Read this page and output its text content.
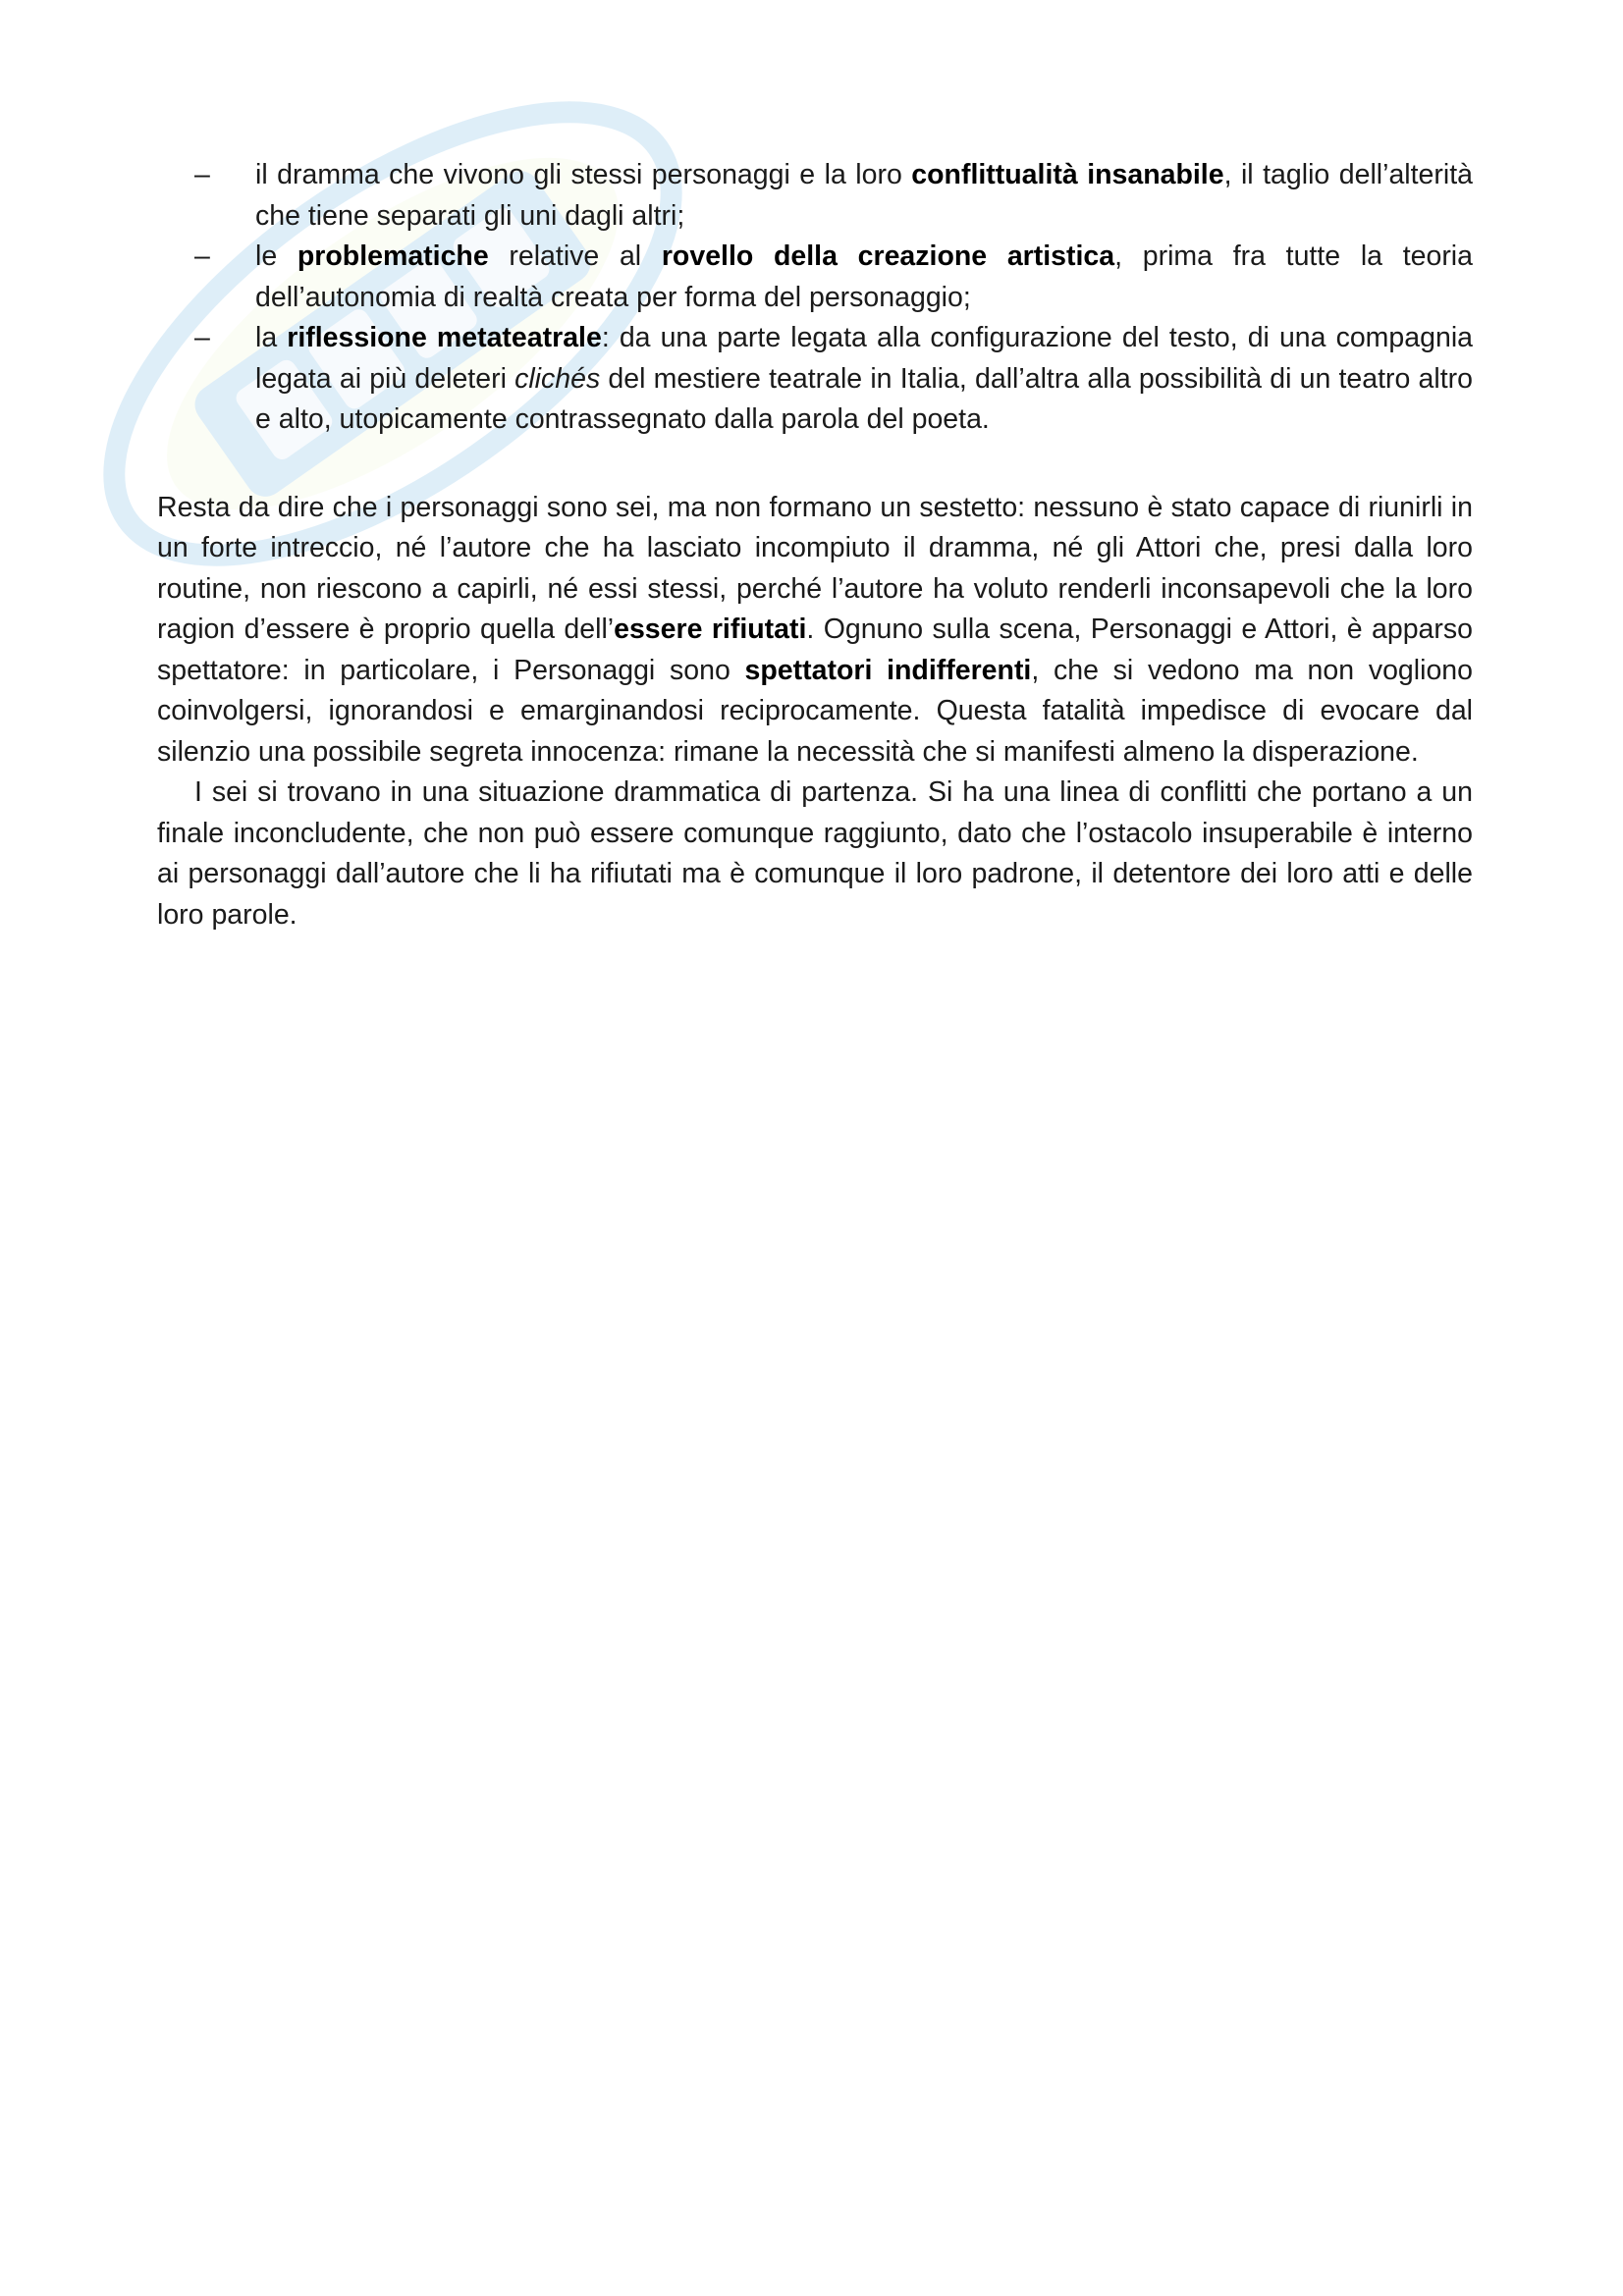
– il dramma che vivono gli stessi personaggi e la loro conflittualità insanabile, il taglio dell’alterità che tiene separati gli uni dagli altri;
– le problematiche relative al rovello della creazione artistica, prima fra tutte la teoria dell’autonomia di realtà creata per forma del personaggio;
– la riflessione metateatrale: da una parte legata alla configurazione del testo, di una compagnia legata ai più deleteri clichés del mestiere teatrale in Italia, dall’altra alla possibilità di un teatro altro e alto, utopicamente contrassegnato dalla parola del poeta.

Resta da dire che i personaggi sono sei, ma non formano un sestetto: nessuno è stato capace di riunirli in un forte intreccio, né l’autore che ha lasciato incompiuto il dramma, né gli Attori che, presi dalla loro routine, non riescono a capirli, né essi stessi, perché l’autore ha voluto renderli inconsapevoli che la loro ragion d’essere è proprio quella dell’essere rifiutati. Ognuno sulla scena, Personaggi e Attori, è apparso spettatore: in particolare, i Personaggi sono spettatori indifferenti, che si vedono ma non vogliono coinvolgersi, ignorandosi e emarginandosi reciprocamente. Questa fatalità impedisce di evocare dal silenzio una possibile segreta innocenza: rimane la necessità che si manifesti almeno la disperazione.

I sei si trovano in una situazione drammatica di partenza. Si ha una linea di conflitti che portano a un finale inconcludente, che non può essere comunque raggiunto, dato che l’ostacolo insuperabile è interno ai personaggi dall’autore che li ha rifiutati ma è comunque il loro padrone, il detentore dei loro atti e delle loro parole.
